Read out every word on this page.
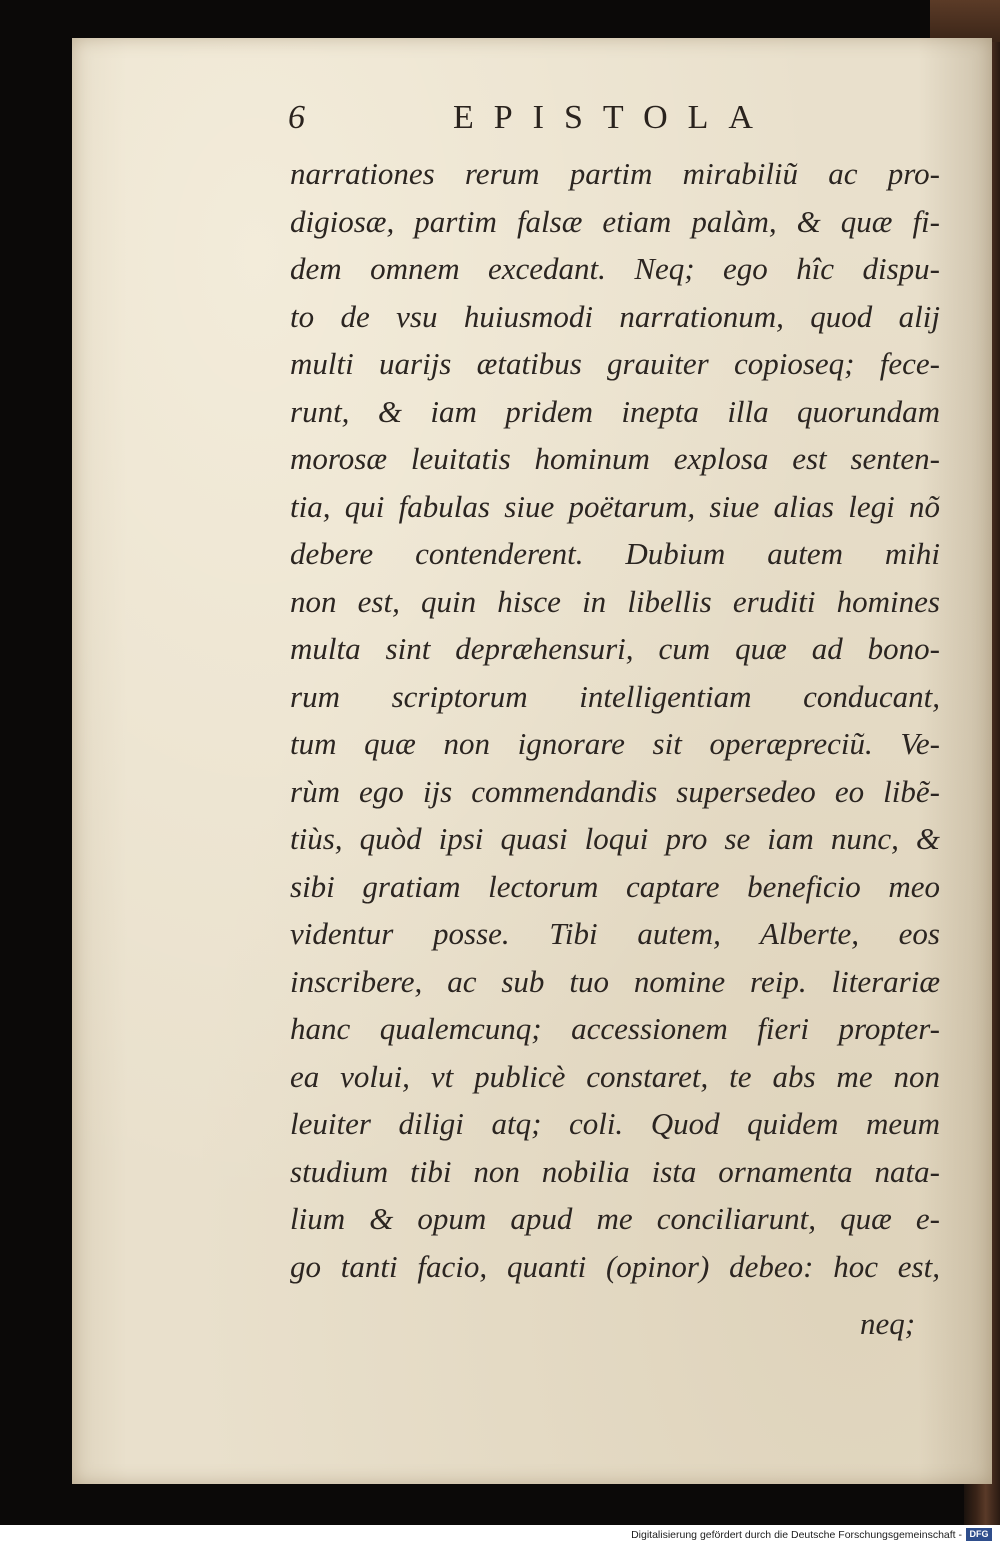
6	EPISTOLA
narrationes rerum partim mirabiliũ ac pro-
digiosæ, partim falsæ etiam palàm, & quæ fi-
dem omnem excedant. Neq; ego hîc dispu-
to de vsu huiusmodi narrationum, quod alij
multi uarijs ætatibus grauiter copioseq; fece-
runt, & iam pridem inepta illa quorundam
morosæ leuitatis hominum explosa est senten-
tia, qui fabulas siue poëtarum, siue alias legi nõ
debere contenderent. Dubium autem mihi
non est, quin hisce in libellis eruditi homines
multa sint depræhensuri, cum quæ ad bono-
rum scriptorum intelligentiam conducant,
tum quæ non ignorare sit operæpreciũ. Ve-
rùm ego ijs commendandis supersedeo eo libẽ-
tiùs, quòd ipsi quasi loqui pro se iam nunc, &
sibi gratiam lectorum captare beneficio meo
videntur posse. Tibi autem, Alberte, eos
inscribere, ac sub tuo nomine reip. literariæ
hanc qualemcunq; accessionem fieri propter-
ea volui, vt publicè constaret, te abs me non
leuiter diligi atq; coli. Quod quidem meum
studium tibi non nobilia ista ornamenta nata-
lium & opum apud me conciliarunt, quæ e-
go tanti facio, quanti (opinor) debeo: hoc est,
neq;
Digitalisierung gefördert durch die Deutsche Forschungsgemeinschaft - DFG
